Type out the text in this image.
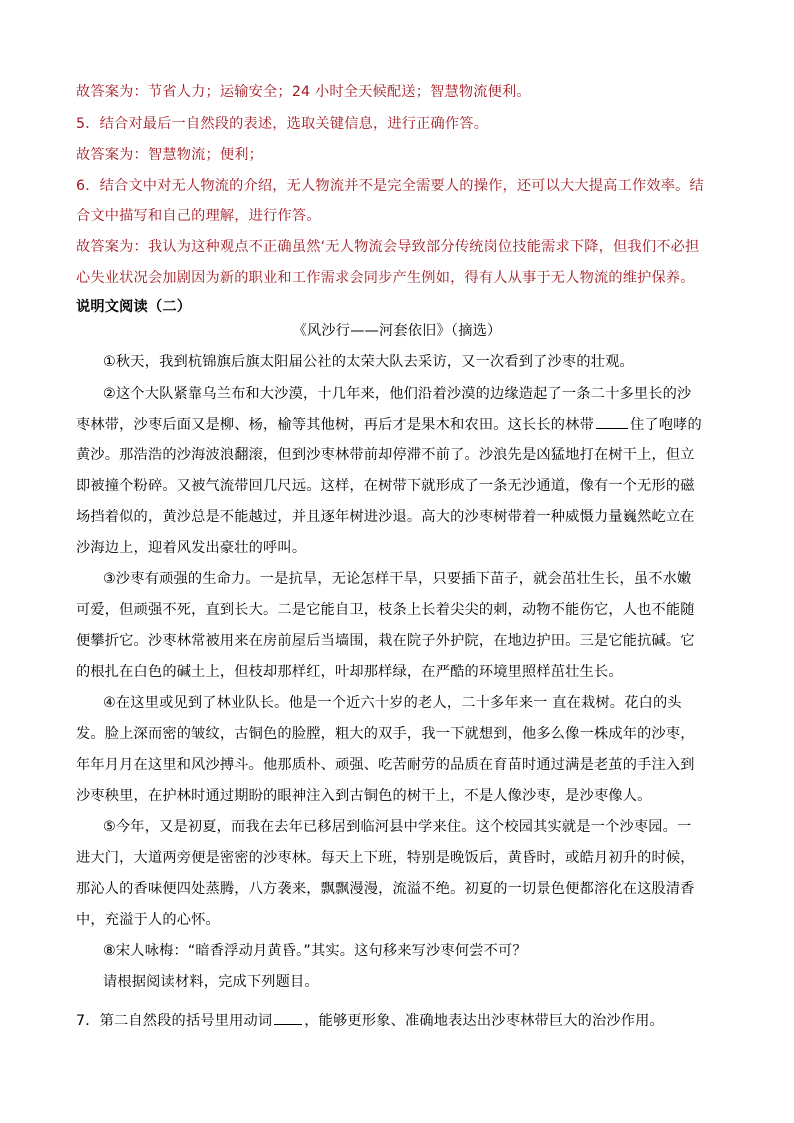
故答案为：节省人力；运输安全；24 小时全天候配送；智慧物流便利。
5．结合对最后一自然段的表述，选取关键信息，进行正确作答。
故答案为：智慧物流；便利；
6．结合文中对无人物流的介绍，无人物流并不是完全需要人的操作，还可以大大提高工作效率。结
合文中描写和自己的理解，进行作答。
故答案为：我认为这种观点不正确虽然‘无人物流会导致部分传统岗位技能需求下降，但我们不必担
心失业状况会加剧因为新的职业和工作需求会同步产生例如，得有人从事于无人物流的维护保养。
说明文阅读（二）
《风沙行——河套依旧》（摘选）
①秋天，我到杭锦旗后旗太阳届公社的太荣大队去采访，又一次看到了沙枣的壮观。
②这个大队紧靠乌兰布和大沙漠，十几年来，他们沿着沙漠的边缘造起了一条二十多里长的沙
枣林带，沙枣后面又是柳、杨，榆等其他树，再后才是果木和农田。这长长的林带	住了咆哮的
黄沙。那浩浩的沙海波浪翻滚，但到沙枣林带前却停滞不前了。沙浪先是凶猛地打在树干上，但立
即被撞个粉碎。又被气流带回几尺远。这样，在树带下就形成了一条无沙通道，像有一个无形的磁
场挡着似的，黄沙总是不能越过，并且逐年树进沙退。高大的沙枣树带着一种威慑力量巍然屹立在
沙海边上，迎着风发出豪壮的呼叫。
③沙枣有顽强的生命力。一是抗旱，无论怎样干旱，只要插下苗子，就会茁壮生长，虽不水嫩
可爱，但顽强不死，直到长大。二是它能自卫，枝条上长着尖尖的刺，动物不能伤它，人也不能随
便攀折它。沙枣林常被用来在房前屋后当墙围，栽在院子外护院，在地边护田。三是它能抗碱。它
的根扎在白色的碱土上，但枝却那样红，叶却那样绿，在严酷的环境里照样茁壮生长。
④在这里或见到了林业队长。他是一个近六十岁的老人，二十多年来一 直在栽树。花白的头
发。脸上深而密的皱纹，古铜色的脸膛，粗大的双手，我一下就想到，他多么像一株成年的沙枣，
年年月月在这里和风沙搏斗。他那质朴、顽强、吃苦耐劳的品质在育苗时通过满是老茧的手注入到
沙枣秧里，在护林时通过期盼的眼神注入到古铜色的树干上，不是人像沙枣，是沙枣像人。
⑤今年，又是初夏，而我在去年已移居到临河县中学来住。这个校园其实就是一个沙枣园。一
进大门，大道两旁便是密密的沙枣林。每天上下班，特别是晚饭后，黄昏时，或皓月初升的时候，
那沁人的香味便四处蒸腾，八方袭来，飘飘漫漫，流溢不绝。初夏的一切景色便都溶化在这股清香
中，充溢于人的心怀。
⑧宋人咏梅：“暗香浮动月黄昏。”其实。这句移来写沙枣何尝不可？
请根据阅读材料，完成下列题目。
7．第二自然段的括号里用动词 ，能够更形象、准确地表达出沙枣林带巨大的治沙作用。
